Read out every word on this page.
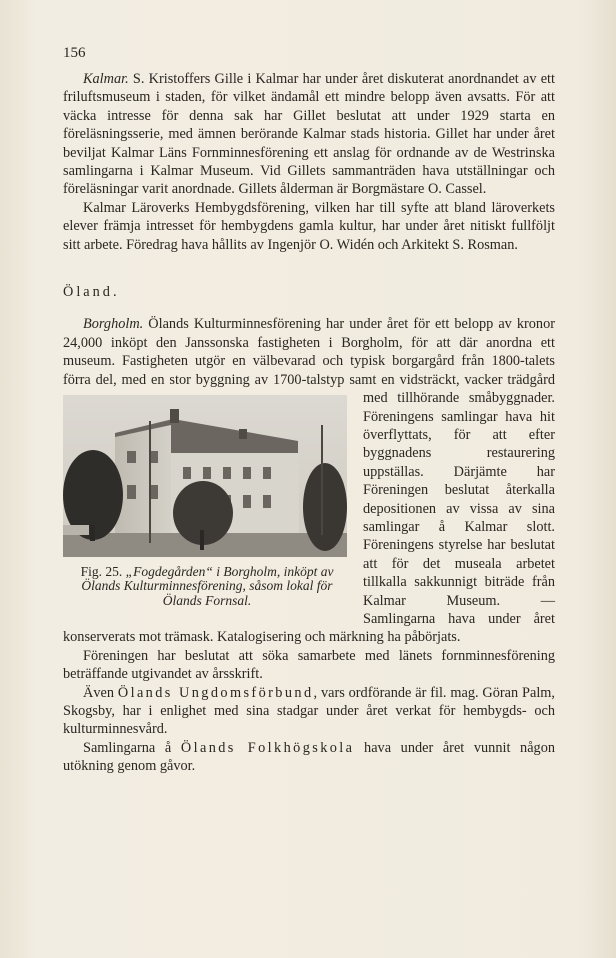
156

Kalmar. S. Kristoffers Gille i Kalmar har under året diskuterat anordnandet av ett friluftsmuseum i staden, för vilket ändamål ett mindre belopp även avsatts. För att väcka intresse för denna sak har Gillet beslutat att under 1929 starta en föreläsningsserie, med ämnen berörande Kalmar stads historia. Gillet har under året beviljat Kalmar Läns Fornminnesförening ett anslag för ordnande av de Westrinska samlingarna i Kalmar Museum. Vid Gillets sammanträden hava utställningar och föreläsningar varit anordnade. Gillets ålderman är Borgmästare O. Cassel.

Kalmar Läroverks Hembygdsförening, vilken har till syfte att bland läroverkets elever främja intresset för hembygdens gamla kultur, har under året nitiskt fullföljt sitt arbete. Föredrag hava hållits av Ingenjör O. Widén och Arkitekt S. Rosman.

Öland.

Borgholm. Ölands Kulturminnesförening har under året för ett belopp av kronor 24,000 inköpt den Janssonska fastigheten i Borgholm, för att där anordna ett museum. Fastigheten utgör en välbevarad och typisk borgargård från 1800-talets förra del, med en stor byggning av 1700-talstyp
Fig. 25. „Fogdegården“ i Borgholm, inköpt av Ölands Kulturminnesförening, såsom lokal för Ölands Fornsal.
samt en vidsträckt, vacker trädgård med tillhörande småbyggnader. Föreningens samlingar hava hit överflyttats, för att efter byggnadens restaurering uppställas. Därjämte har Föreningen beslutat återkalla depositionen av vissa av sina samlingar å Kalmar slott. Föreningens styrelse har beslutat att för det museala arbetet tillkalla sakkunnigt biträde från Kalmar Museum. — Samlingarna hava under året konserverats mot trämask. Katalogisering och märkning ha påbörjats.

Föreningen har beslutat att söka samarbete med länets fornminnesförening beträffande utgivandet av årsskrift.

Även Ölands Ungdomsförbund, vars ordförande är fil. mag. Göran Palm, Skogsby, har i enlighet med sina stadgar under året verkat för hembygds- och kulturminnesvård.

Samlingarna å Ölands Folkhögskola hava under året vunnit någon utökning genom gåvor.
